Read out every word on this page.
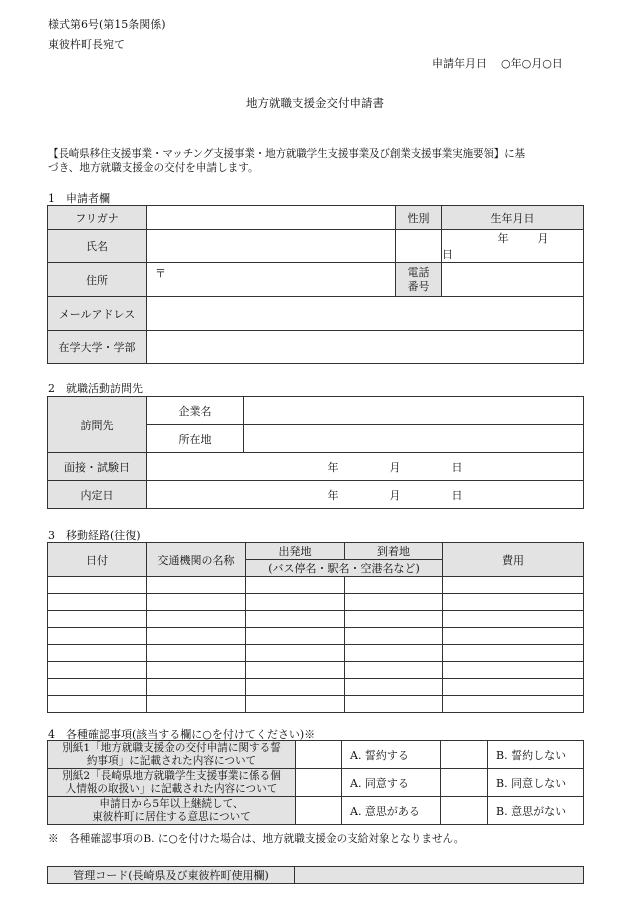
様式第6号(第15条関係)
東彼杵町長宛て
申請年月日 ○年○月○日
地方就職支援金交付申請書
【長崎県移住支援事業・マッチング支援事業・地方就職学生支援事業及び創業支援事業実施要領】に基
づき、地方就職支援金の交付を申請します。
1　申請者欄
フリガナ		性別	生年月日
氏名			年 月  日
住所	〒	電話
番号	
メールアドレス			
在学大学・学部			
2　就職活動訪問先
訪問先	企業名	
	所在地	
面接・試験日	年 月 日	
内定日	年 月 日	
3　移動経路(往復)
日付	交通機関の名称	出発地	到着地	費用
		(バス停名・駅名・空港名など)		

4　各種確認事項(該当する欄に○を付けてください)※
別紙1「地方就職支援金の交付申請に関する誓
約事項」に記載された内容について		A. 誓約する		B. 誓約しない
別紙2「長崎県地方就職学生支援事業に係る個
人情報の取扱い」に記載された内容について		A. 同意する		B. 同意しない
申請日から5年以上継続して、
東彼杵町に居住する意思について		A. 意思がある		B. 意思がない
※　各種確認事項のB. に○を付けた場合は、地方就職支援金の支給対象となりません。
管理コード(長崎県及び東彼杵町使用欄)	
